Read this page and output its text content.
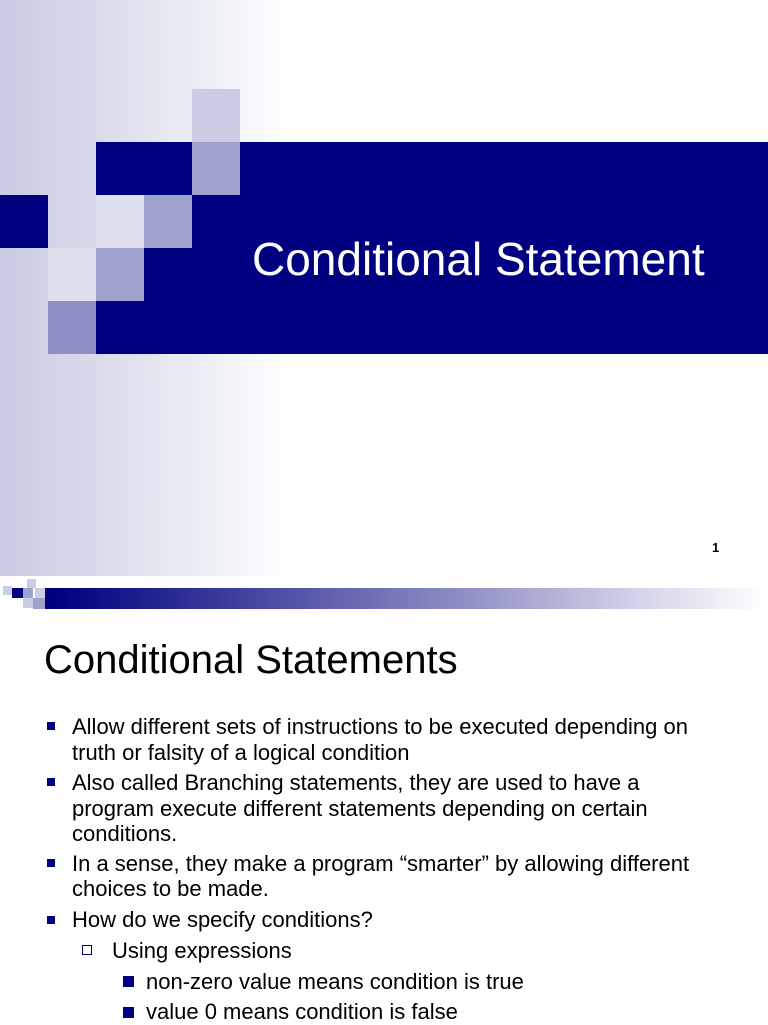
Conditional Statement
1
Conditional Statements
Allow different sets of instructions to be executed depending on
truth or falsity of a logical condition
Also called Branching statements, they are used to have a
program execute different statements depending on certain
conditions.
In a sense, they make a program “smarter” by allowing different
choices to be made.
How do we specify conditions?
Using expressions
non-zero value means condition is true
value 0 means condition is false
